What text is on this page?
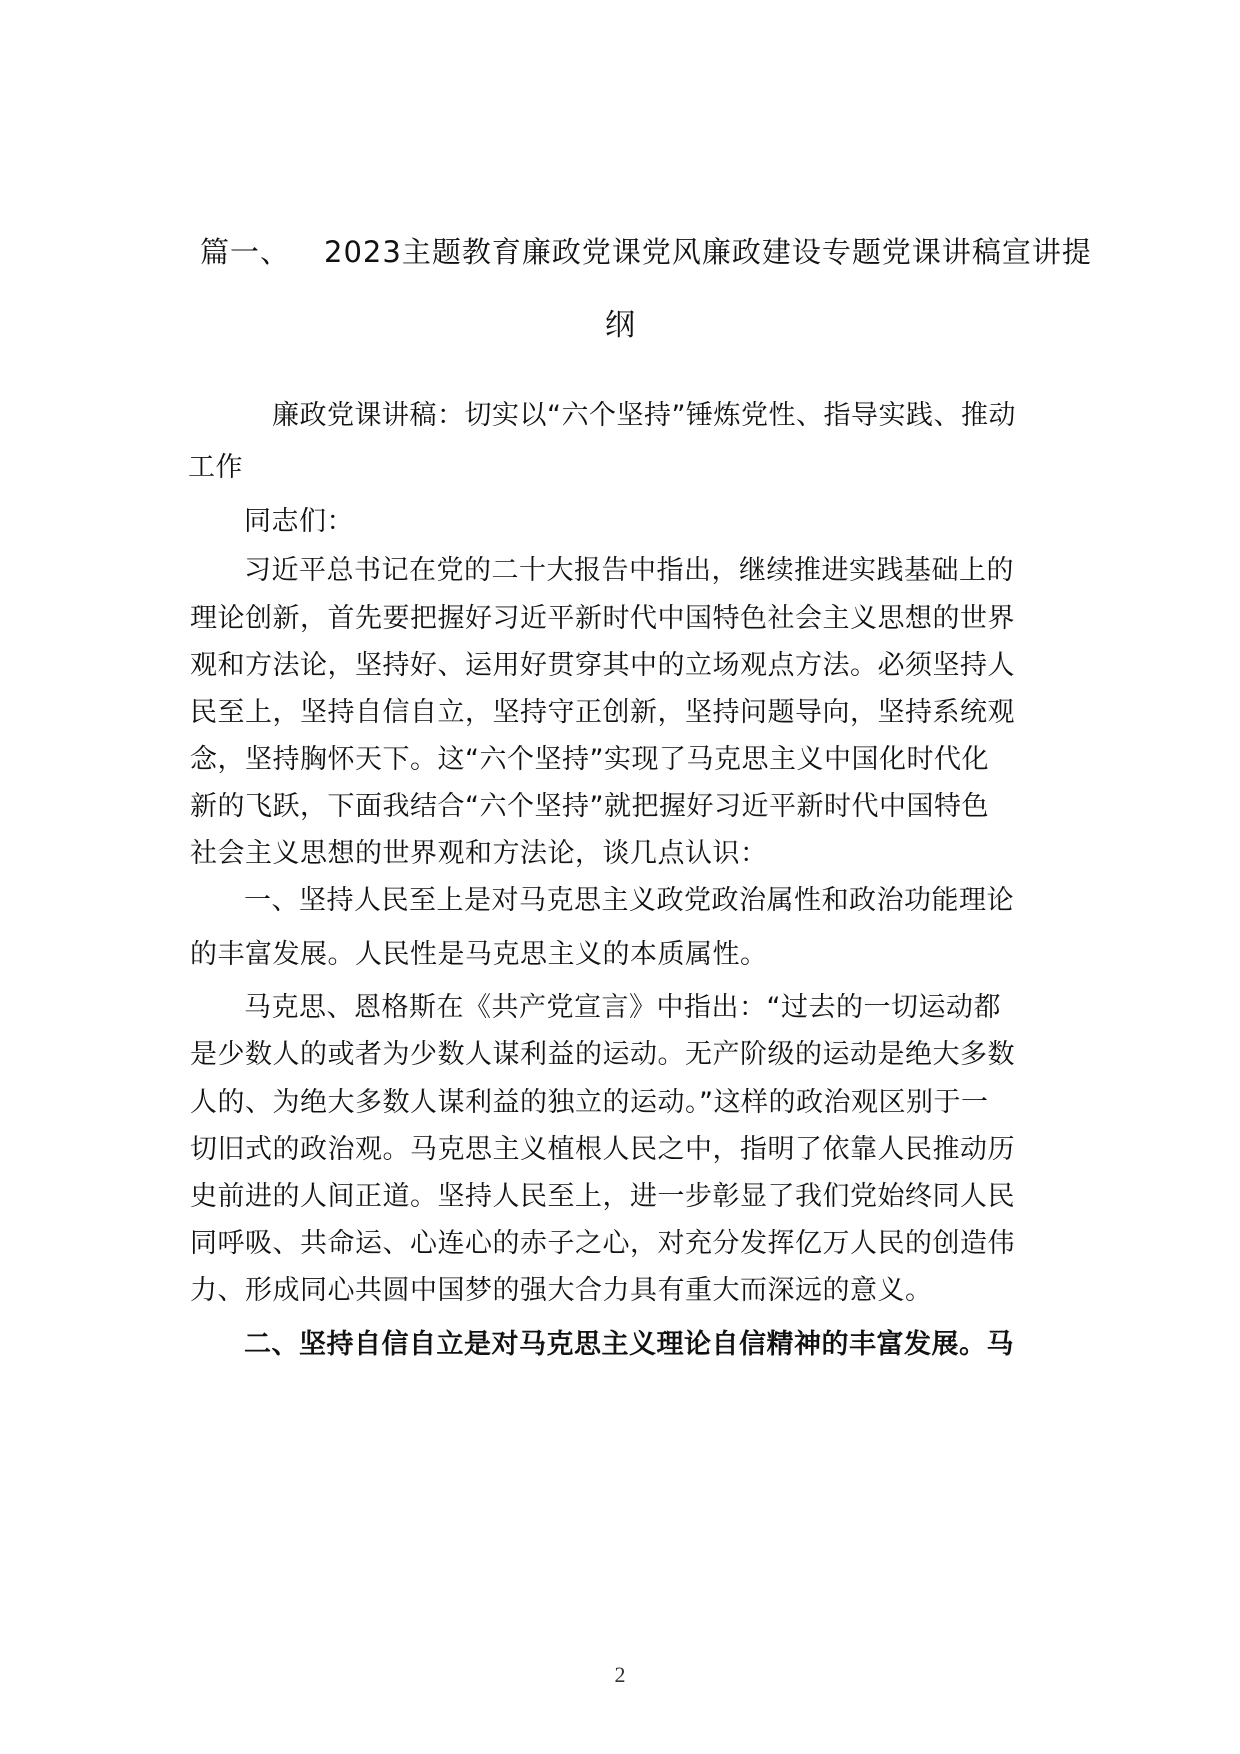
篇一、 2023主题教育廉政党课党风廉政建设专题党课讲稿宣讲提
纲
廉政党课讲稿：切实以“六个坚持”锤炼党性、指导实践、推动
工作
同志们：
习近平总书记在党的二十大报告中指出，继续推进实践基础上的
理论创新，首先要把握好习近平新时代中国特色社会主义思想的世界
观和方法论，坚持好、运用好贯穿其中的立场观点方法。必须坚持人
民至上，坚持自信自立，坚持守正创新，坚持问题导向，坚持系统观
念，坚持胸怀天下。这“六个坚持”实现了马克思主义中国化时代化
新的飞跃，下面我结合“六个坚持”就把握好习近平新时代中国特色
社会主义思想的世界观和方法论，谈几点认识：
一、坚持人民至上是对马克思主义政党政治属性和政治功能理论
的丰富发展。人民性是马克思主义的本质属性。
马克思、恩格斯在《共产党宣言》中指出：“过去的一切运动都
是少数人的或者为少数人谋利益的运动。无产阶级的运动是绝大多数
人的、为绝大多数人谋利益的独立的运动。”这样的政治观区别于一
切旧式的政治观。马克思主义植根人民之中，指明了依靠人民推动历
史前进的人间正道。坚持人民至上，进一步彰显了我们党始终同人民
同呼吸、共命运、心连心的赤子之心，对充分发挥亿万人民的创造伟
力、形成同心共圆中国梦的强大合力具有重大而深远的意义。
二、坚持自信自立是对马克思主义理论自信精神的丰富发展。马
2
